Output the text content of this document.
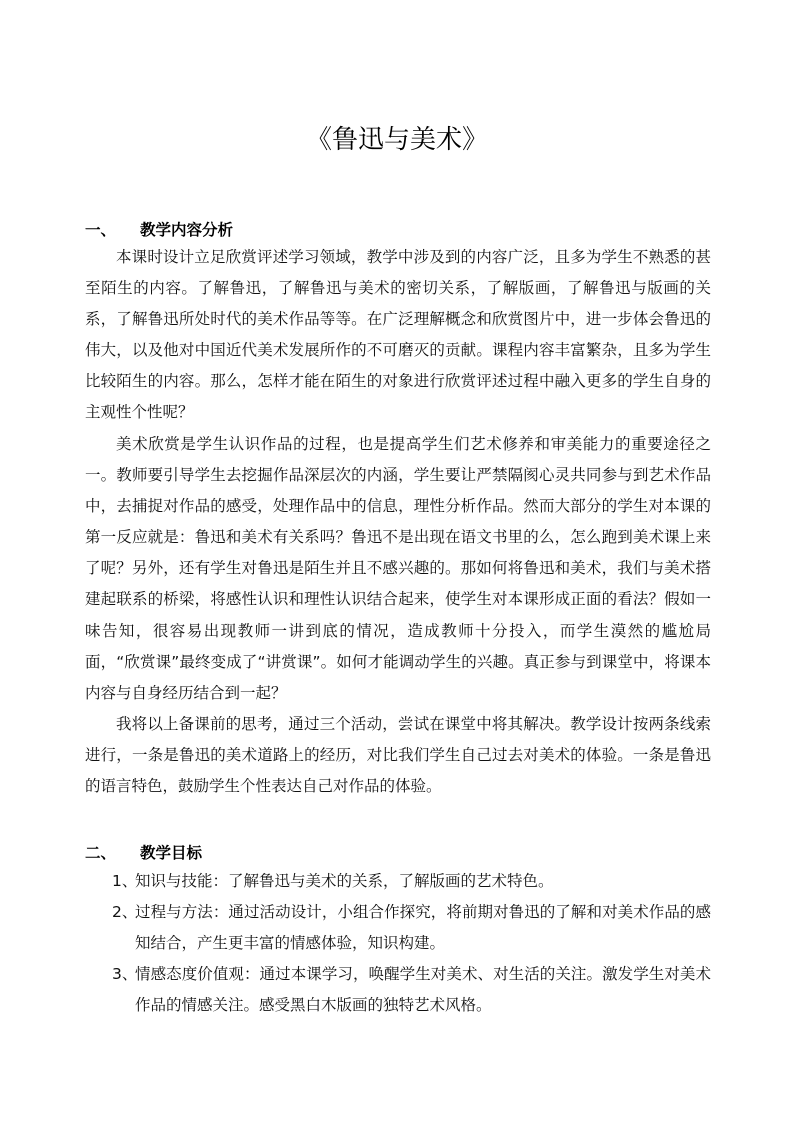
《鲁迅与美术》
一、 教学内容分析

本课时设计立足欣赏评述学习领域，教学中涉及到的内容广泛，且多为学生不熟悉的甚至陌生的内容。了解鲁迅，了解鲁迅与美术的密切关系，了解版画，了解鲁迅与版画的关系，了解鲁迅所处时代的美术作品等等。在广泛理解概念和欣赏图片中，进一步体会鲁迅的伟大，以及他对中国近代美术发展所作的不可磨灭的贡献。课程内容丰富繁杂，且多为学生比较陌生的内容。那么，怎样才能在陌生的对象进行欣赏评述过程中融入更多的学生自身的主观性个性呢？

美术欣赏是学生认识作品的过程，也是提高学生们艺术修养和审美能力的重要途径之一。教师要引导学生去挖掘作品深层次的内涵，学生要让严禁隔阂心灵共同参与到艺术作品中，去捕捉对作品的感受，处理作品中的信息，理性分析作品。然而大部分的学生对本课的第一反应就是：鲁迅和美术有关系吗？鲁迅不是出现在语文书里的么，怎么跑到美术课上来了呢？另外，还有学生对鲁迅是陌生并且不感兴趣的。那如何将鲁迅和美术，我们与美术搭建起联系的桥梁，将感性认识和理性认识结合起来，使学生对本课形成正面的看法？假如一味告知，很容易出现教师一讲到底的情况，造成教师十分投入，而学生漠然的尴尬局面，“欣赏课”最终变成了“讲赏课”。如何才能调动学生的兴趣。真正参与到课堂中，将课本内容与自身经历结合到一起？

我将以上备课前的思考，通过三个活动，尝试在课堂中将其解决。教学设计按两条线索进行，一条是鲁迅的美术道路上的经历，对比我们学生自己过去对美术的体验。一条是鲁迅的语言特色，鼓励学生个性表达自己对作品的体验。

二、 教学目标
1、
知识与技能：了解鲁迅与美术的关系，了解版画的艺术特色。
2、
过程与方法：通过活动设计，小组合作探究，将前期对鲁迅的了解和对美术作品的感知结合，产生更丰富的情感体验，知识构建。
3、
情感态度价值观：通过本课学习，唤醒学生对美术、对生活的关注。激发学生对美术作品的情感关注。感受黑白木版画的独特艺术风格。
